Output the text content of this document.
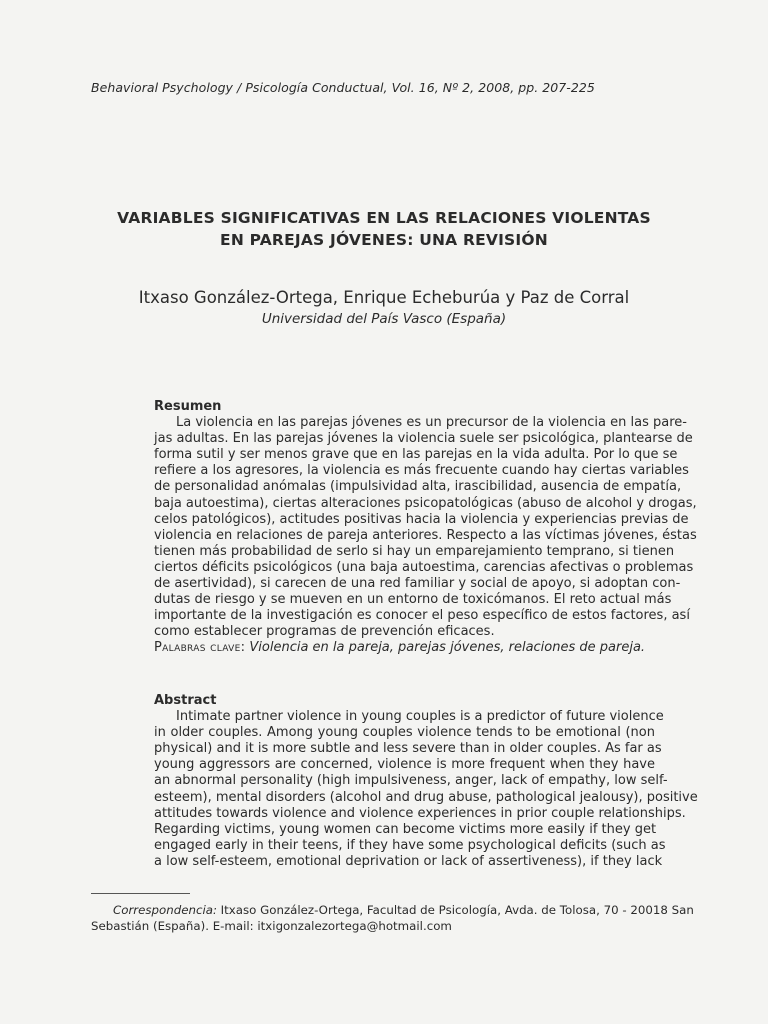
Behavioral Psychology / Psicología Conductual, Vol. 16, Nº 2, 2008, pp. 207-225
VARIABLES SIGNIFICATIVAS EN LAS RELACIONES VIOLENTAS
EN PAREJAS JÓVENES: UNA REVISIÓN
Itxaso González-Ortega, Enrique Echeburúa y Paz de Corral
Universidad del País Vasco (España)
Resumen
La violencia en las parejas jóvenes es un precursor de la violencia en las pare-
jas adultas. En las parejas jóvenes la violencia suele ser psicológica, plantearse de
forma sutil y ser menos grave que en las parejas en la vida adulta. Por lo que se
refiere a los agresores, la violencia es más frecuente cuando hay ciertas variables
de personalidad anómalas (impulsividad alta, irascibilidad, ausencia de empatía,
baja autoestima), ciertas alteraciones psicopatológicas (abuso de alcohol y drogas,
celos patológicos), actitudes positivas hacia la violencia y experiencias previas de
violencia en relaciones de pareja anteriores. Respecto a las víctimas jóvenes, éstas
tienen más probabilidad de serlo si hay un emparejamiento temprano, si tienen
ciertos déficits psicológicos (una baja autoestima, carencias afectivas o problemas
de asertividad), si carecen de una red familiar y social de apoyo, si adoptan con-
dutas de riesgo y se mueven en un entorno de toxicómanos. El reto actual más
importante de la investigación es conocer el peso específico de estos factores, así
como establecer programas de prevención eficaces.
Palabras clave: Violencia en la pareja, parejas jóvenes, relaciones de pareja.
Abstract
Intimate partner violence in young couples is a predictor of future violence
in older couples. Among young couples violence tends to be emotional (non
physical) and it is more subtle and less severe than in older couples. As far as
young aggressors are concerned, violence is more frequent when they have
an abnormal personality (high impulsiveness, anger, lack of empathy, low self-
esteem), mental disorders (alcohol and drug abuse, pathological jealousy), positive
attitudes towards violence and violence experiences in prior couple relationships.
Regarding victims, young women can become victims more easily if they get
engaged early in their teens, if they have some psychological deficits (such as
a low self-esteem, emotional deprivation or lack of assertiveness), if they lack
Correspondencia: Itxaso González-Ortega, Facultad de Psicología, Avda. de Tolosa, 70 - 20018 San
Sebastián (España). E-mail: itxigonzalezortega@hotmail.com
